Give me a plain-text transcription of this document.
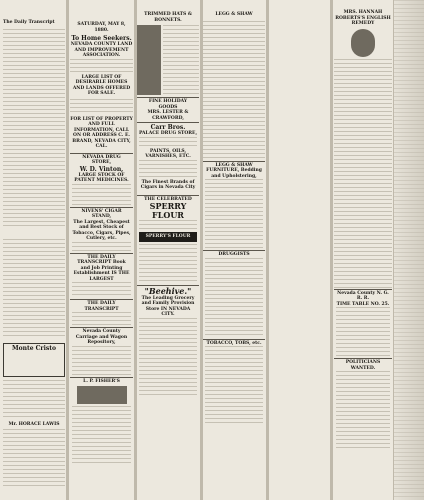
The Daily Transcript
Monte Cristo
Mr. HORACE LAWIS
SATURDAY, MAY 8, 1880.
To Home Seekers.
NEVADA COUNTY LAND AND IMPROVEMENT ASSOCIATION.
LARGE LIST OF DESIRABLE HOMES AND LANDS OFFERED FOR SALE.
FOR LIST OF PROPERTY AND FULL INFORMATION, CALL ON OR ADDRESS C. E. BRAND, NEVADA CITY, CAL.
NEVADA DRUG STORE,
W. D. Vinton,
LARGE STOCK OF PATENT MEDICINES.
NIVENS' CIGAR STAND,
The Largest, Cheapest and Best Stock of Tobacco, Cigars, Pipes, Cutlery, etc.
THE DAILY TRANSCRIPT Book and Job Printing Establishment IS THE LARGEST
THE DAILY TRANSCRIPT
Nevada County Carriage and Wagon Repository,
L. P. FISHER'S
TRIMMED HATS & BONNETS.
FINE HOLIDAY GOODS
MRS. LESTER & CRAWFORD,
Carr Bros.
PALACE DRUG STORE,
PAINTS, OILS, VARNISHES, ETC.
The Finest Brands of Cigars in Nevada City
THE CELEBRATED
SPERRY FLOUR
SPERRY'S FLOUR
"Beehive."
The Leading Grocery and Family Provision Store IN NEVADA CITY.
LEGG & SHAW
LEGG & SHAW
FURNITURE, Bedding and Upholstering,
DRUGGISTS
TOBACCO, TOBS, etc.
MRS. HANNAH ROBERTS'S ENGLISH REMEDY
Nevada County N. G. R. R.
TIME TABLE NO. 25.
POLITICIANS WANTED.
